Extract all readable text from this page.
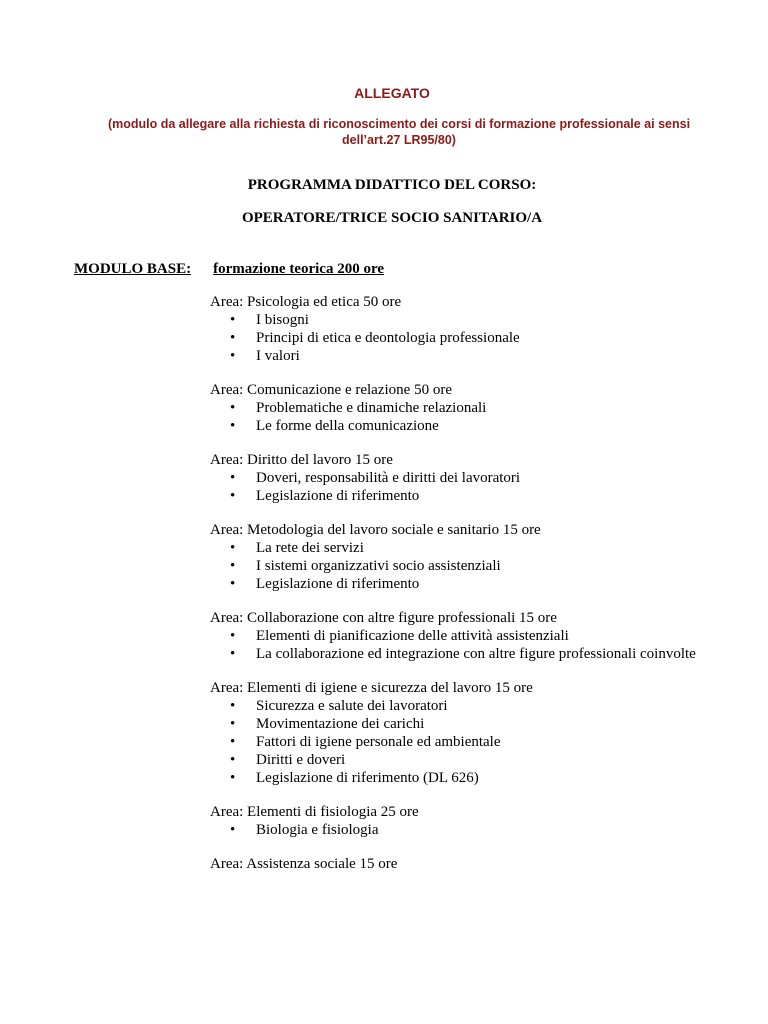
ALLEGATO
(modulo da allegare alla richiesta di riconoscimento dei corsi di formazione professionale ai sensi dell’art.27 LR95/80)
PROGRAMMA DIDATTICO DEL CORSO:
OPERATORE/TRICE SOCIO SANITARIO/A
MODULO BASE: formazione teorica 200 ore

Area: Psicologia ed etica 50 ore

• I bisogni
• Principi di etica e deontologia professionale
• I valori

Area: Comunicazione e relazione 50 ore

• Problematiche e dinamiche relazionali
• Le forme della comunicazione

Area: Diritto del lavoro 15 ore

• Doveri, responsabilità e diritti dei lavoratori
• Legislazione di riferimento

Area: Metodologia del lavoro sociale e sanitario 15 ore

• La rete dei servizi
• I sistemi organizzativi socio assistenziali
• Legislazione di riferimento

Area: Collaborazione con altre figure professionali 15 ore

• Elementi di pianificazione delle attività assistenziali
• La collaborazione ed integrazione con altre figure professionali coinvolte

Area: Elementi di igiene e sicurezza del lavoro 15 ore

• Sicurezza e salute dei lavoratori
• Movimentazione dei carichi
• Fattori di igiene personale ed ambientale
• Diritti e doveri
• Legislazione di riferimento (DL 626)

Area: Elementi di fisiologia 25 ore

• Biologia e fisiologia

Area: Assistenza sociale 15 ore
